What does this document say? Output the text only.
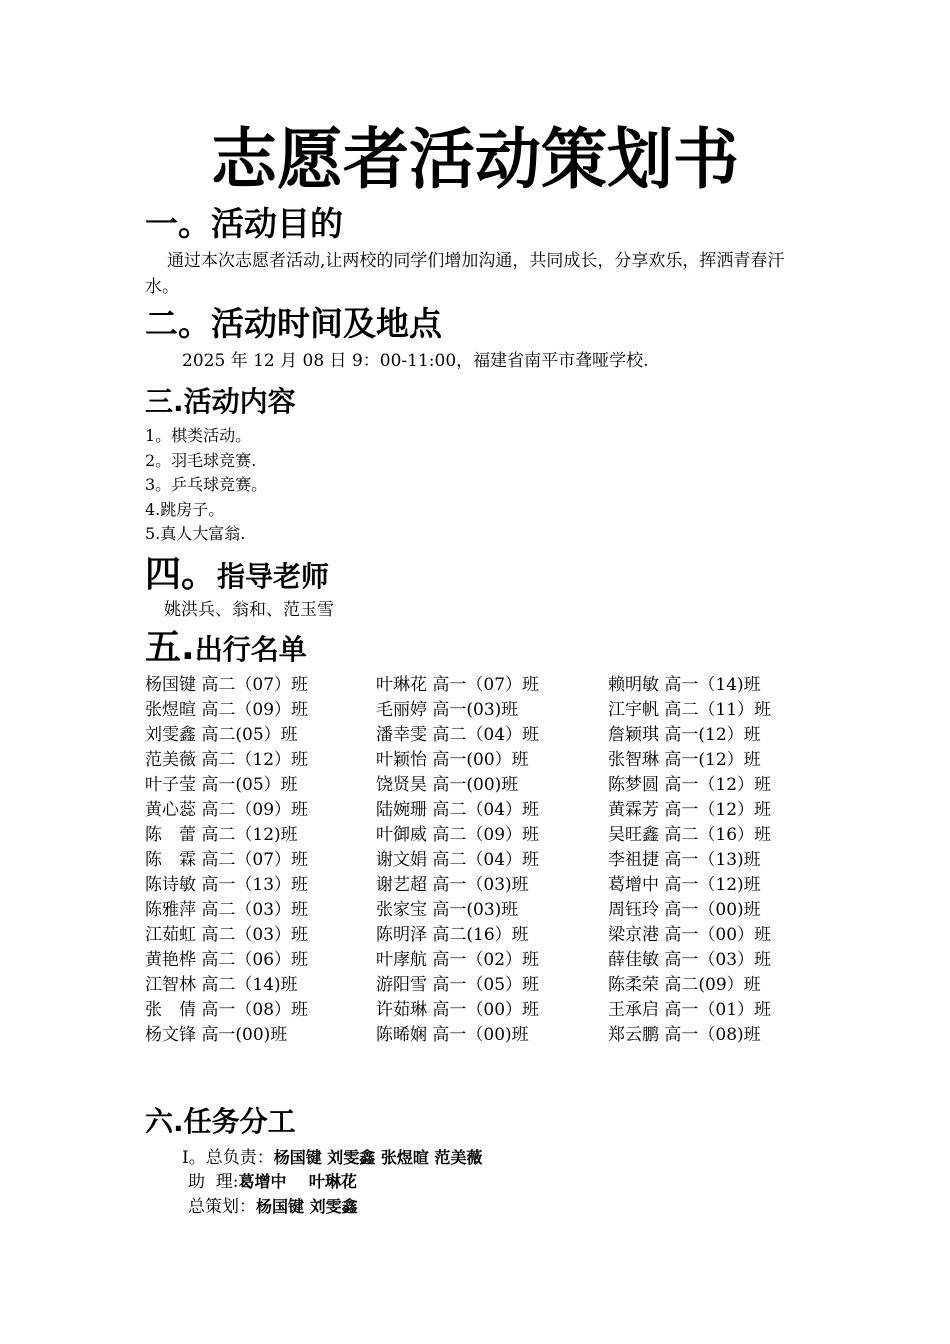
志愿者活动策划书
一。活动目的
通过本次志愿者活动,让两校的同学们增加沟通，共同成长，分享欢乐，挥洒青春汗水。
二。活动时间及地点
2025 年 12 月 08 日 9：00-11:00，福建省南平市聋哑学校.
三.活动内容
1。棋类活动。
2。羽毛球竞赛.
3。乒乓球竞赛。
4.跳房子。
5.真人大富翁.
四。指导老师
姚洪兵、翁和、范玉雪
五.出行名单
杨国键 高二（07）班
张煜暄 高二（09）班
刘雯鑫 高二(05）班
范美薇 高二（12）班
叶子莹 高一(05）班
黄心蕊 高二（09）班
陈　蕾 高二（12)班
陈　霖 高二（07）班
陈诗敏 高一（13）班
陈雅萍 高二（03）班
江茹虹 高二（03）班
黄艳桦 高二（06）班
江智林 高二（14)班
张　倩 高一（08）班
杨文锋 高一(00)班
叶琳花 高一（07）班
毛丽婷 高一(03)班
潘幸雯 高二（04）班
叶颖怡 高一(00）班
饶贤昊 高一(00)班
陆婉珊 高二（04）班
叶御威 高二（09）班
谢文娟 高二（04）班
谢艺超 高一（03)班
张家宝 高一(03)班
陈明泽 高二(16）班
叶庨航 高一（02）班
游阳雪 高一（05）班
许茹琳 高一（00）班
陈晞娴 高一（00)班
赖明敏 高一（14)班
江宇帆 高二（11）班
詹颖琪 高一(12）班
张智琳 高一(12）班
陈梦圆 高一（12）班
黄霖芳 高一（12）班
吴旺鑫 高二（16）班
李祖捷 高一（13)班
葛增中 高一（12)班
周钰玲 高一（00)班
梁京港 高一（00）班
薛佳敏 高一（03）班
陈柔荣 高二(09）班
王承启 高一（01）班
郑云鹏 高一（08)班
六.任务分工
I。总负责：杨国键 刘雯鑫 张煜暄 范美薇
助  理:葛增中    叶琳花
总策划：杨国键 刘雯鑫
